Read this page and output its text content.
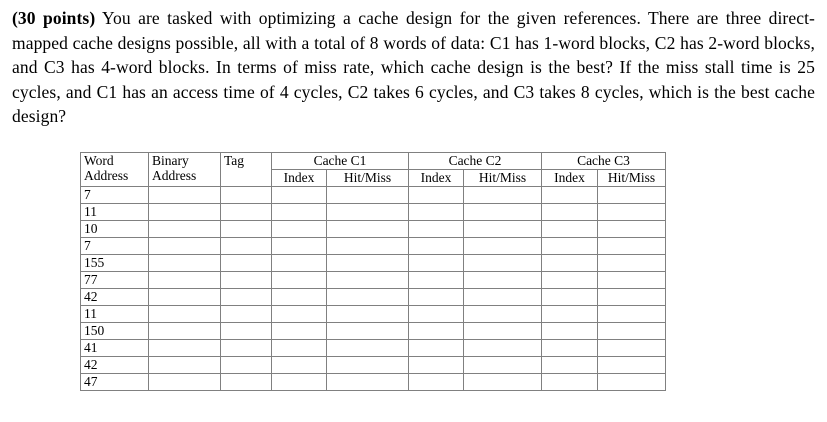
(30 points) You are tasked with optimizing a cache design for the given references. There are three direct-mapped cache designs possible, all with a total of 8 words of data: C1 has 1-word blocks, C2 has 2-word blocks, and C3 has 4-word blocks. In terms of miss rate, which cache design is the best? If the miss stall time is 25 cycles, and C1 has an access time of 4 cycles, C2 takes 6 cycles, and C3 takes 8 cycles, which is the best cache design?
Word Address	Binary Address	Tag	Cache C1		Cache C2		Cache C3	
			Index	Hit/Miss	Index	Hit/Miss	Index	Hit/Miss
7								
11								
10								
7								
155								
77								
42								
11								
150								
41								
42								
47								
